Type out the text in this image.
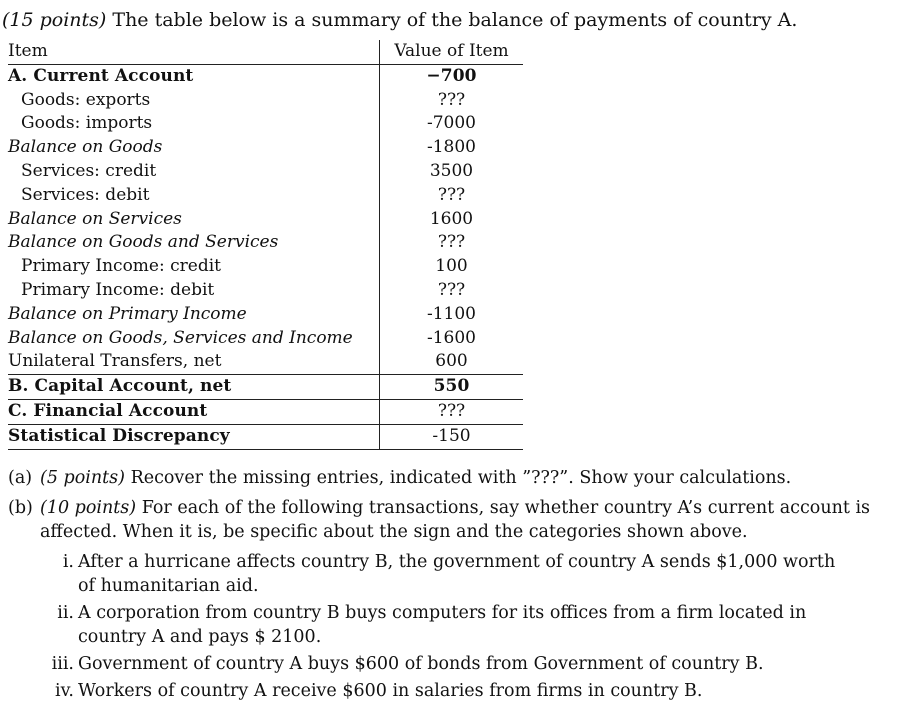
(15 points) The table below is a summary of the balance of payments of country A.
Item	Value of Item
A. Current Account	−700
Goods: exports	???
Goods: imports	-7000
Balance on Goods	-1800
Services: credit	3500
Services: debit	???
Balance on Services	1600
Balance on Goods and Services	???
Primary Income: credit	100
Primary Income: debit	???
Balance on Primary Income	-1100
Balance on Goods, Services and Income	-1600
Unilateral Transfers, net	600
B. Capital Account, net	550
C. Financial Account	???
Statistical Discrepancy	-150
(a) (5 points) Recover the missing entries, indicated with ”???”. Show your calculations.
(b) (10 points) For each of the following transactions, say whether country A’s current account is affected. When it is, be specific about the sign and the categories shown above.
i. After a hurricane affects country B, the government of country A sends $1,000 worth of humanitarian aid.
ii. A corporation from country B buys computers for its offices from a firm located in country A and pays $ 2100.
iii. Government of country A buys $600 of bonds from Government of country B.
iv. Workers of country A receive $600 in salaries from firms in country B.
